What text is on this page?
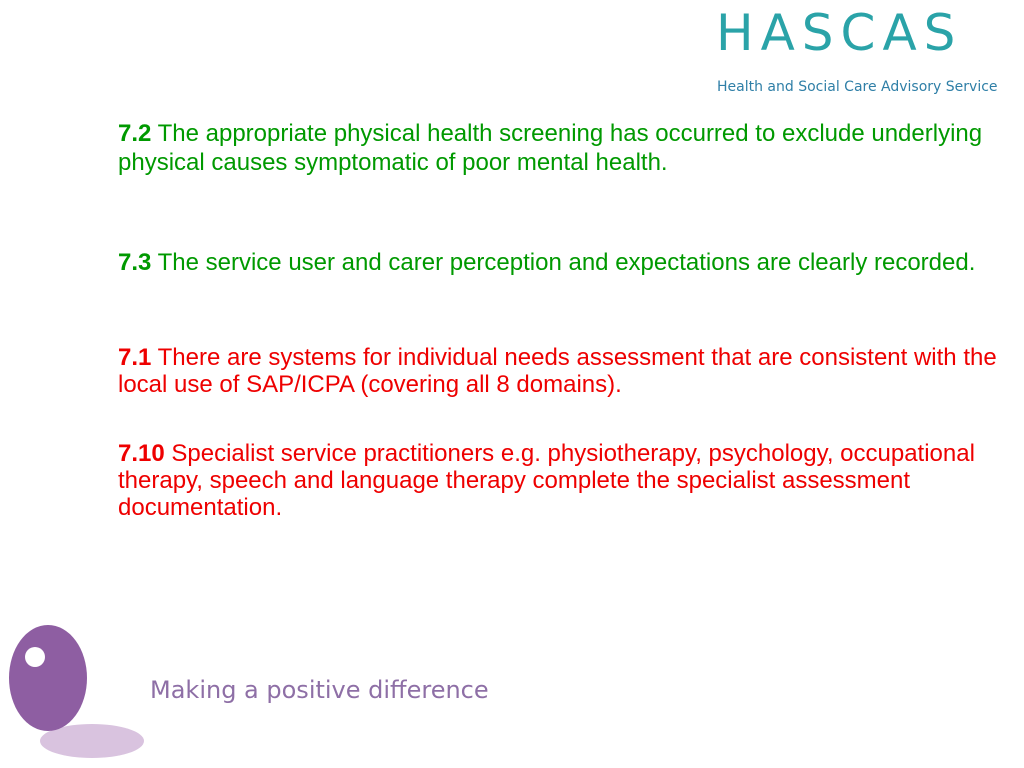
HASCAS
Health and Social Care Advisory Service

7.2 The appropriate physical health screening has occurred to exclude underlying physical causes symptomatic of poor mental health.

7.3 The service user and carer perception and expectations are clearly recorded.

7.1 There are systems for individual needs assessment that are consistent with the local use of SAP/ICPA (covering all 8 domains).

7.10 Specialist service practitioners e.g. physiotherapy, psychology, occupational therapy, speech and language therapy complete the specialist assessment documentation.

Making a positive difference
